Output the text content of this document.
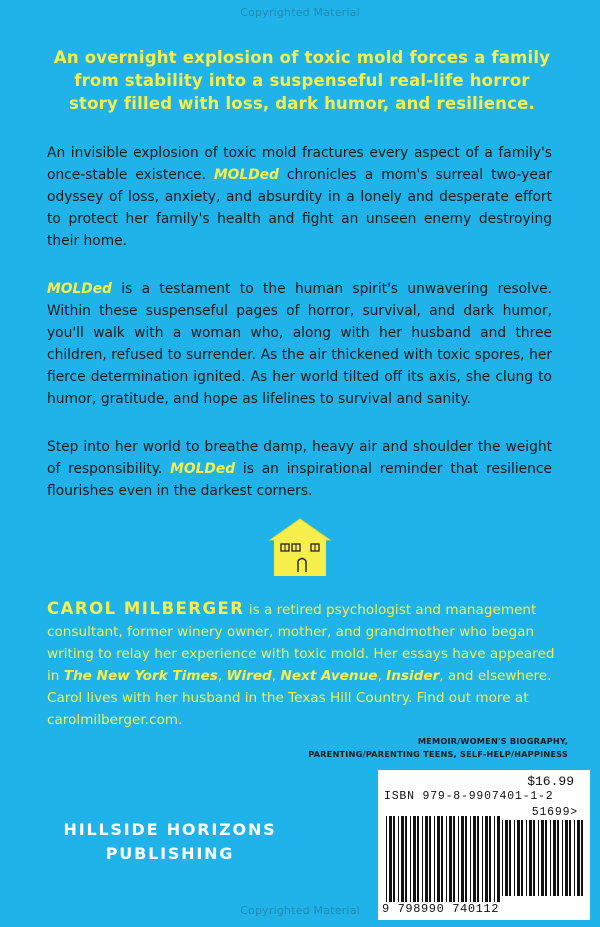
Copyrighted Material
An overnight explosion of toxic mold forces a family from stability into a suspenseful real-life horror story filled with loss, dark humor, and resilience.
An invisible explosion of toxic mold fractures every aspect of a family's once-stable existence. MOLDed chronicles a mom's surreal two-year odyssey of loss, anxiety, and absurdity in a lonely and desperate effort to protect her family's health and fight an unseen enemy destroying their home.
MOLDed is a testament to the human spirit's unwavering resolve. Within these suspenseful pages of horror, survival, and dark humor, you'll walk with a woman who, along with her husband and three children, refused to surrender. As the air thickened with toxic spores, her fierce determination ignited. As her world tilted off its axis, she clung to humor, gratitude, and hope as lifelines to survival and sanity.
Step into her world to breathe damp, heavy air and shoulder the weight of responsibility. MOLDed is an inspirational reminder that resilience flourishes even in the darkest corners.
CAROL MILBERGER is a retired psychologist and management consultant, former winery owner, mother, and grandmother who began writing to relay her experience with toxic mold. Her essays have appeared in The New York Times, Wired, Next Avenue, Insider, and elsewhere. Carol lives with her husband in the Texas Hill Country. Find out more at carolmilberger.com.
MEMOIR/WOMEN'S BIOGRAPHY,
PARENTING/PARENTING TEENS, SELF-HELP/HAPPINESS
HILLSIDE HORIZONS
PUBLISHING
$16.99
ISBN 979-8-9907401-1-2
51699>
9 798990 740112
Copyrighted Material
